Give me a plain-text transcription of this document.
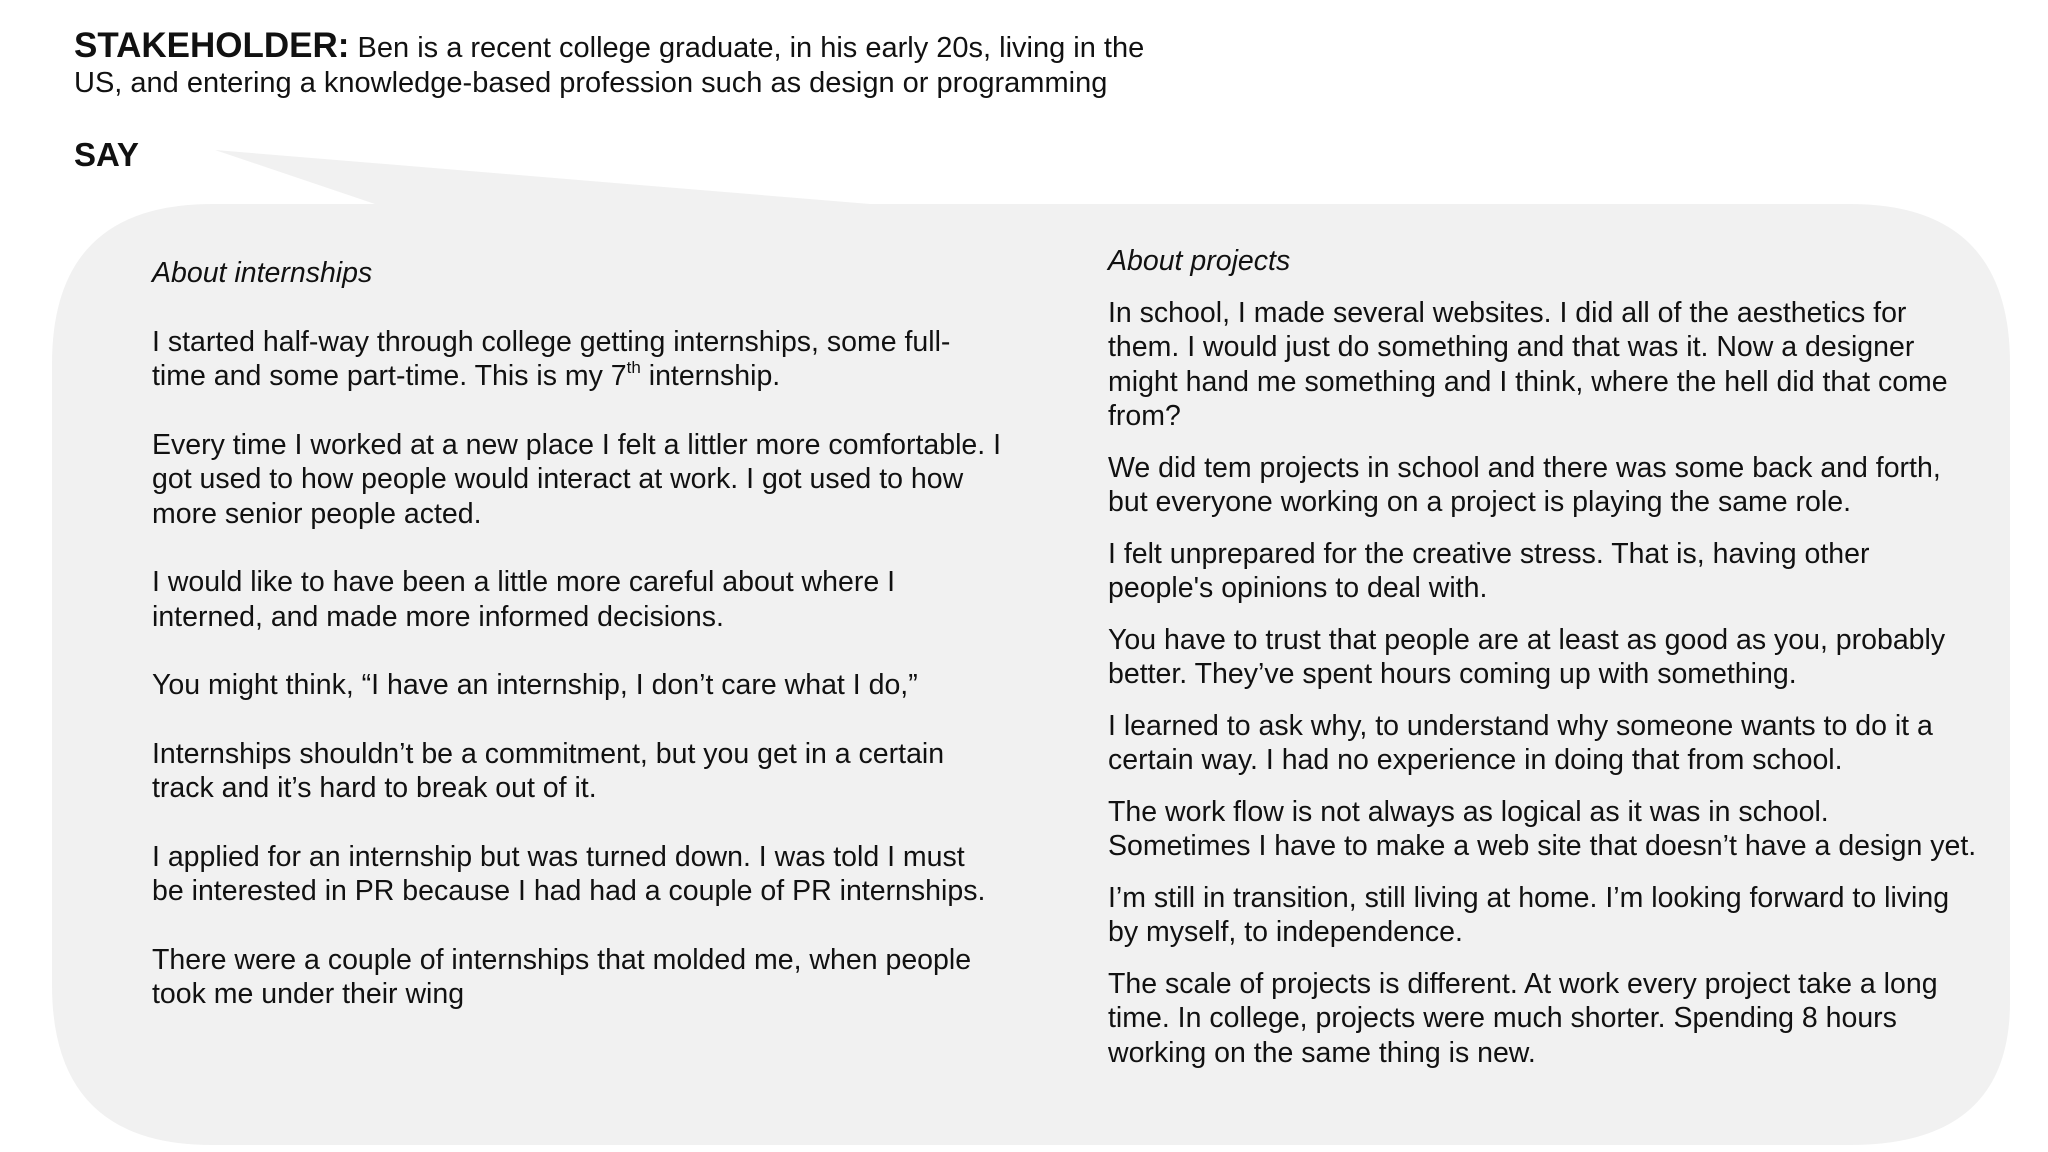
STAKEHOLDER: Ben is a recent college graduate, in his early 20s, living in the US, and entering a knowledge-based profession such as design or programming
SAY

About internships

I started half-way through college getting internships, some full-time and some part-time. This is my 7th internship.

Every time I worked at a new place I felt a littler more comfortable. I got used to how people would interact at work. I got used to how more senior people acted.

I would like to have been a little more careful about where I interned, and made more informed decisions.

You might think, “I have an internship, I don’t care what I do,”

Internships shouldn’t be a commitment, but you get in a certain track and it’s hard to break out of it.

I applied for an internship but was turned down. I was told I must be interested in PR because I had had a couple of PR internships.

There were a couple of internships that molded me, when people took me under their wing

About projects

In school, I made several websites. I did all of the aesthetics for them. I would just do something and that was it. Now a designer might hand me something and I think, where the hell did that come from?

We did tem projects in school and there was some back and forth, but everyone working on a project is playing the same role.

I felt unprepared for the creative stress. That is, having other people's opinions to deal with.

You have to trust that people are at least as good as you, probably better. They’ve spent hours coming up with something.

I learned to ask why, to understand why someone wants to do it a certain way. I had no experience in doing that from school.

The work flow is not always as logical as it was in school. Sometimes I have to make a web site that doesn’t have a design yet.

I’m still in transition, still living at home. I’m looking forward to living by myself, to independence.

The scale of projects is different. At work every project take a long time. In college, projects were much shorter. Spending 8 hours working on the same thing is new.
